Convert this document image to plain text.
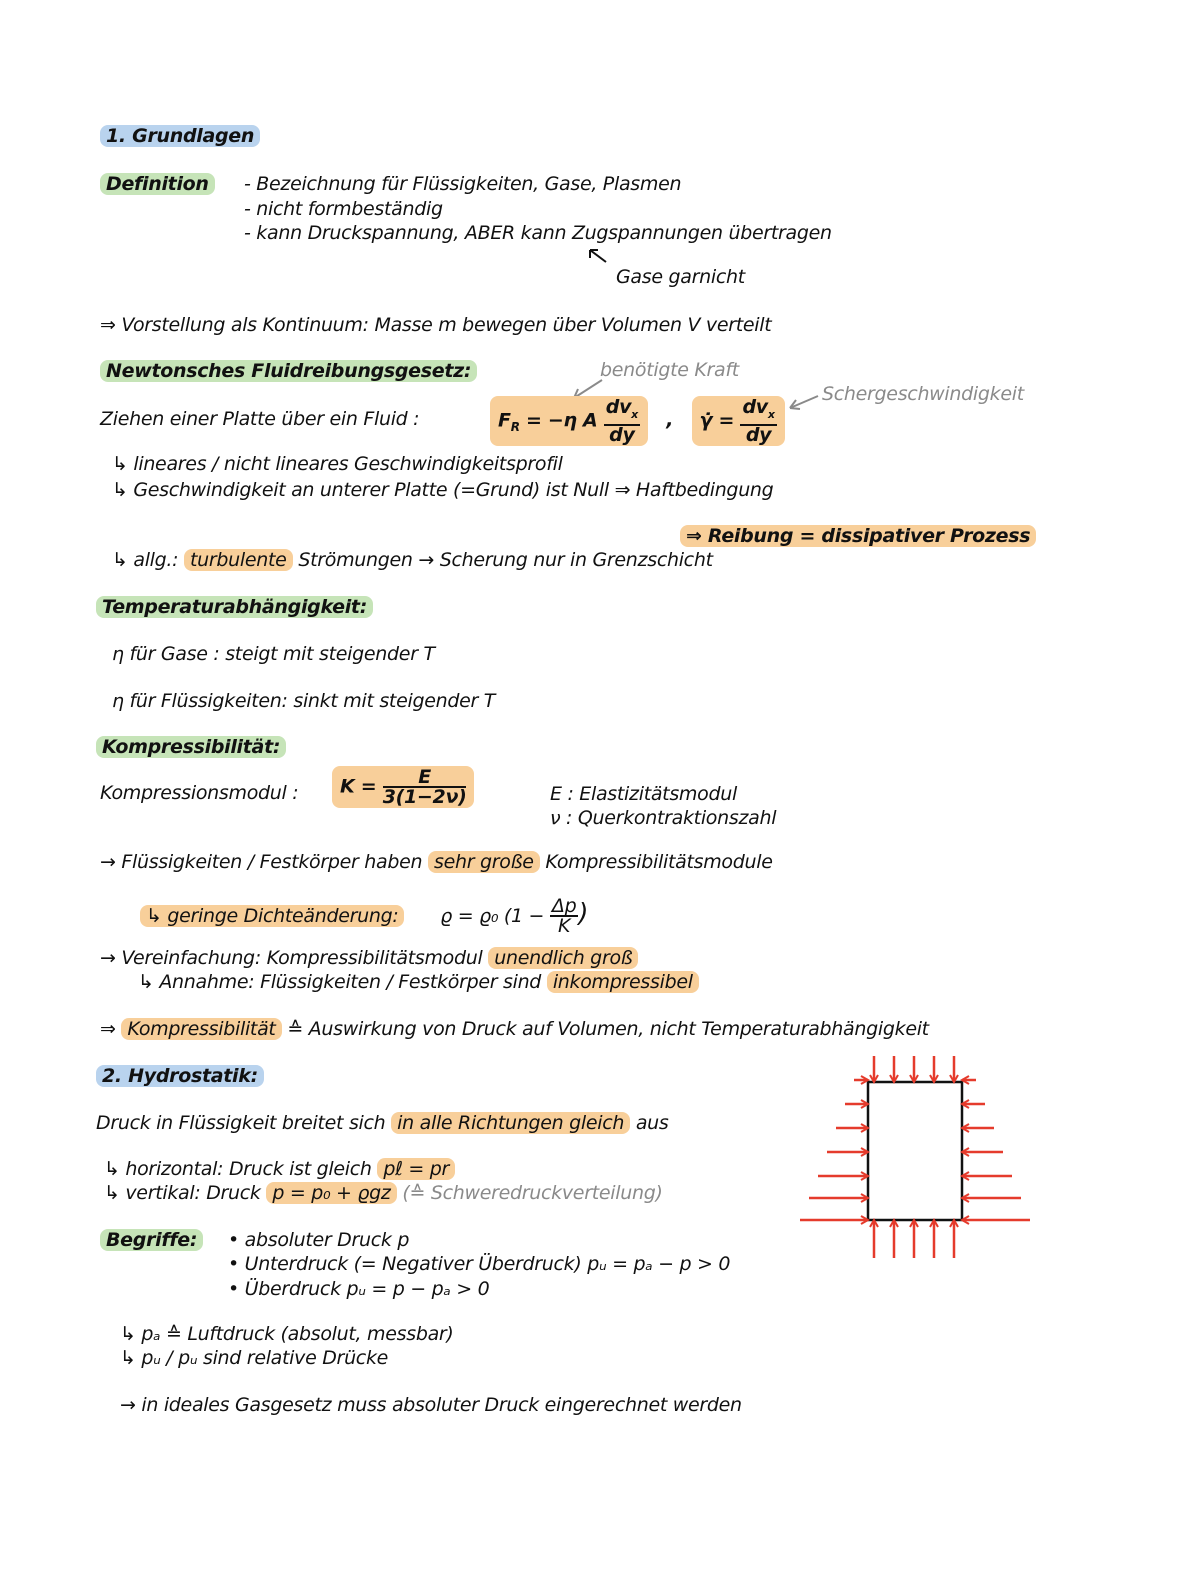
1. Grundlagen
Definition	- Bezeichnung für Flüssigkeiten, Gase, Plasmen
- nicht formbeständig
- kann Druckspannung, ABER kann Zugspannungen übertragen
Gase garnicht
⇒ Vorstellung als Kontinuum: Masse m bewegen über Volumen V verteilt
Newtonsches Fluidreibungsgesetz:	benötigte Kraft
Schergeschwindigkeit
Ziehen einer Platte über ein Fluid :	$F_R = -\eta$ A $\frac{dv_x}{dy}$ , γ̇ = $\frac{dv_x}{dy}$
↳ lineares / nicht lineares Geschwindigkeitsprofil
↳ Geschwindigkeit an unterer Platte (=Grund) ist Null ⇒ Haftbedingung
⇒ Reibung = dissipativer Prozess
↳ allg.: turbulente Strömungen → Scherung nur in Grenzschicht
Temperaturabhängigkeit:
η für Gase : steigt mit steigender T
η für Flüssigkeiten: sinkt mit steigender T
Kompressibilität:
Kompressionsmodul :	$K = \frac{E}{3(1-2\nu)}$	E : Elastizitätsmodul
ν : Querkontraktionszahl
→ Flüssigkeiten / Festkörper haben sehr große Kompressibilitätsmodule
↳ geringe Dichteänderung: ϱ = ϱ₀ ($1 - \frac{\Delta p}{K}$ )
→ Vereinfachung: Kompressibilitätsmodul unendlich groß
↳ Annahme: Flüssigkeiten / Festkörper sind inkompressibel
⇒ Kompressibilität ≙ Auswirkung von Druck auf Volumen, nicht Temperaturabhängigkeit
2. Hydrostatik:
Druck in Flüssigkeit breitet sich in alle Richtungen gleich aus
↳ horizontal: Druck ist gleich pℓ = pr
↳ vertikal: Druck p = p₀ + ϱgz (≙ Schweredruckverteilung)
Begriffe:	• absoluter Druck p
• Unterdruck (= Negativer Überdruck) pᵤ = pₐ − p > 0
• Überdruck pᵤ = p − pₐ > 0
↳ pₐ ≙ Luftdruck (absolut, messbar)
↳ pᵤ / pᵤ sind relative Drücke
→ in ideales Gasgesetz muss absoluter Druck eingerechnet werden
